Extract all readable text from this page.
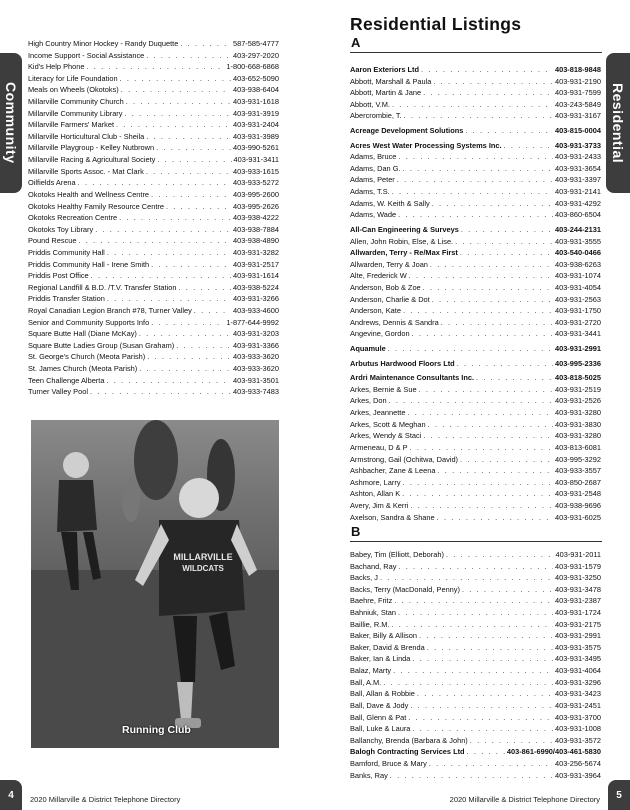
Community	Residential
High Country Minor Hockey - Randy Duquette . . .	587-585-4777
Income Support - Social Assistance . . .	403-297-2020
Kid's Help Phone . . .	1-800-668-6868
Literacy for Life Foundation . . .	403-652-5090
Meals on Wheels (Okotoks) . . .	403-938-6404
Millarville Community Church . . .	403-931-1618
Millarville Community Library . . .	403-931-3919
Millarville Farmers' Market . . .	403-931-2404
Millarville Horticultural Club - Sheila . . .	403-931-3989
Millarville Playgroup - Kelley Nutbrown . . .	403-990-5261
Millarville Racing & Agricultural Society . . .	403-931-3411
Millarville Sports Assoc. - Mat Clark . . .	403-933-1615
Oilfields Arena . . .	403-933-5272
Okotoks Health and Wellness Centre . . .	403-995-2600
Okotoks Healthy Family Resource Centre . . .	403-995-2626
Okotoks Recreation Centre . . .	403-938-4222
Okotoks Toy Library . . .	403-938-7884
Pound Rescue . . .	403-938-4890
Priddis Community Hall . . .	403-931-3282
Priddis Community Hall - Irene Smith . . .	403-931-2517
Priddis Post Office . . .	403-931-1614
Regional Landfill & B.D. /T.V. Transfer Station . . .	403-938-5224
Priddis Transfer Station . . .	403-931-3266
Royal Canadian Legion Branch #78, Turner Valley . . .	403-933-4600
Senior and Community Supports Info . . .	1-877-644-9992
Square Butte Hall (Diane McKay) . . .	403-931-3203
Square Butte Ladies Group (Susan Graham) . . .	403-931-3366
St. George's Church (Meota Parish) . . .	403-933-3620
St. James Church (Meota Parish) . . .	403-933-3620
Teen Challenge Alberta . . .	403-931-3501
Turner Valley Pool . . .	403-933-7483
MILLARVILLE
WILDCATS
Running Club
Residential Listings
A
Aaron Exteriors Ltd . . .	403-818-9848
Abbott, Marshall & Paula . . .	403-931-2190
Abbott, Martin & Jane . . .	403-931-7599
Abbott, V.M. . . .	403-243-5849
Abercrombie, T. . . .	403-931-3167
Acreage Development Solutions . . .	403-815-0004
Acres West Water Processing Systems Inc. . . .	403-931-3733
Adams, Bruce . . .	403-931-2433
Adams, Dan G. . . .	403-931-3654
Adams, Peter . . .	403-931-3397
Adams, T.S. . . .	403-931-2141
Adams, W. Keith & Sally . . .	403-931-4292
Adams, Wade . . .	403-860-6504
All-Can Engineering & Surveys . . .	403-244-2131
Allen, John Robin, Else, & Lise. . . .	403-931-3555
Allwarden, Terry - Re/Max First . . .	403-540-0466
Allwarden, Terry & Joan . . .	403-938-6263
Alte, Frederick W . . .	403-931-1074
Anderson, Bob & Zoe . . .	403-931-4054
Anderson, Charlie & Dot . . .	403-931-2563
Anderson, Kate . . .	403-931-1750
Andrews, Dennis & Sandra . . .	403-931-2720
Angevine, Gordon . . .	403-931-3441
Aquamule . . .	403-931-2991
Arbutus Hardwood Floors Ltd . . .	403-995-2336
Ardri Maintenance Consultants Inc. . . .	403-818-5025
Arkes, Bernie & Sue . . .	403-931-2519
Arkes, Don . . .	403-931-2526
Arkes, Jeannette . . .	403-931-3280
Arkes, Scott & Meghan . . .	403-931-3830
Arkes, Wendy & Staci . . .	403-931-3280
Armeneau, D & P . . .	403-813-6081
Armstrong, Gail (Ochitwa, David) . . .	403-995-3292
Ashbacher, Zane & Leena . . .	403-933-3557
Ashmore, Larry . . .	403-850-2687
Ashton, Allan K . . .	403-931-2548
Avery, Jim & Kerri . . .	403-938-9696
Axelson, Sandra & Shane . . .	403-931-6025
B
Babey, Tim (Elliott, Deborah) . . .	403-931-2011
Bachand, Ray . . .	403-931-1579
Backs, J . . .	403-931-3250
Backs, Terry (MacDonald, Penny) . . .	403-931-3478
Baehre, Fritz . . .	403-931-2387
Bahniuk, Stan . . .	403-931-1724
Baillie, R.M. . . .	403-931-2175
Baker, Billy & Allison . . .	403-931-2991
Baker, David & Brenda . . .	403-931-3575
Baker, Ian & Linda . . .	403-931-3495
Balaz, Marty . . .	403-931-4064
Ball, A.M. . . .	403-931-3296
Ball, Allan & Robbie . . .	403-931-3423
Ball, Dave & Jody . . .	403-931-2451
Ball, Glenn & Pat . . .	403-931-3700
Ball, Luke & Laura . . .	403-931-1008
Ballanchy, Brenda (Barbara & John) . . .	403-931-3572
Balogh Contracting Services Ltd . . .	403-861-6990/403-461-5830
Bamford, Bruce & Mary . . .	403-256-5674
Banks, Ray . . .	403-931-3964
4	2020 Millarville & District Telephone Directory	2020 Millarville & District Telephone Directory	5
